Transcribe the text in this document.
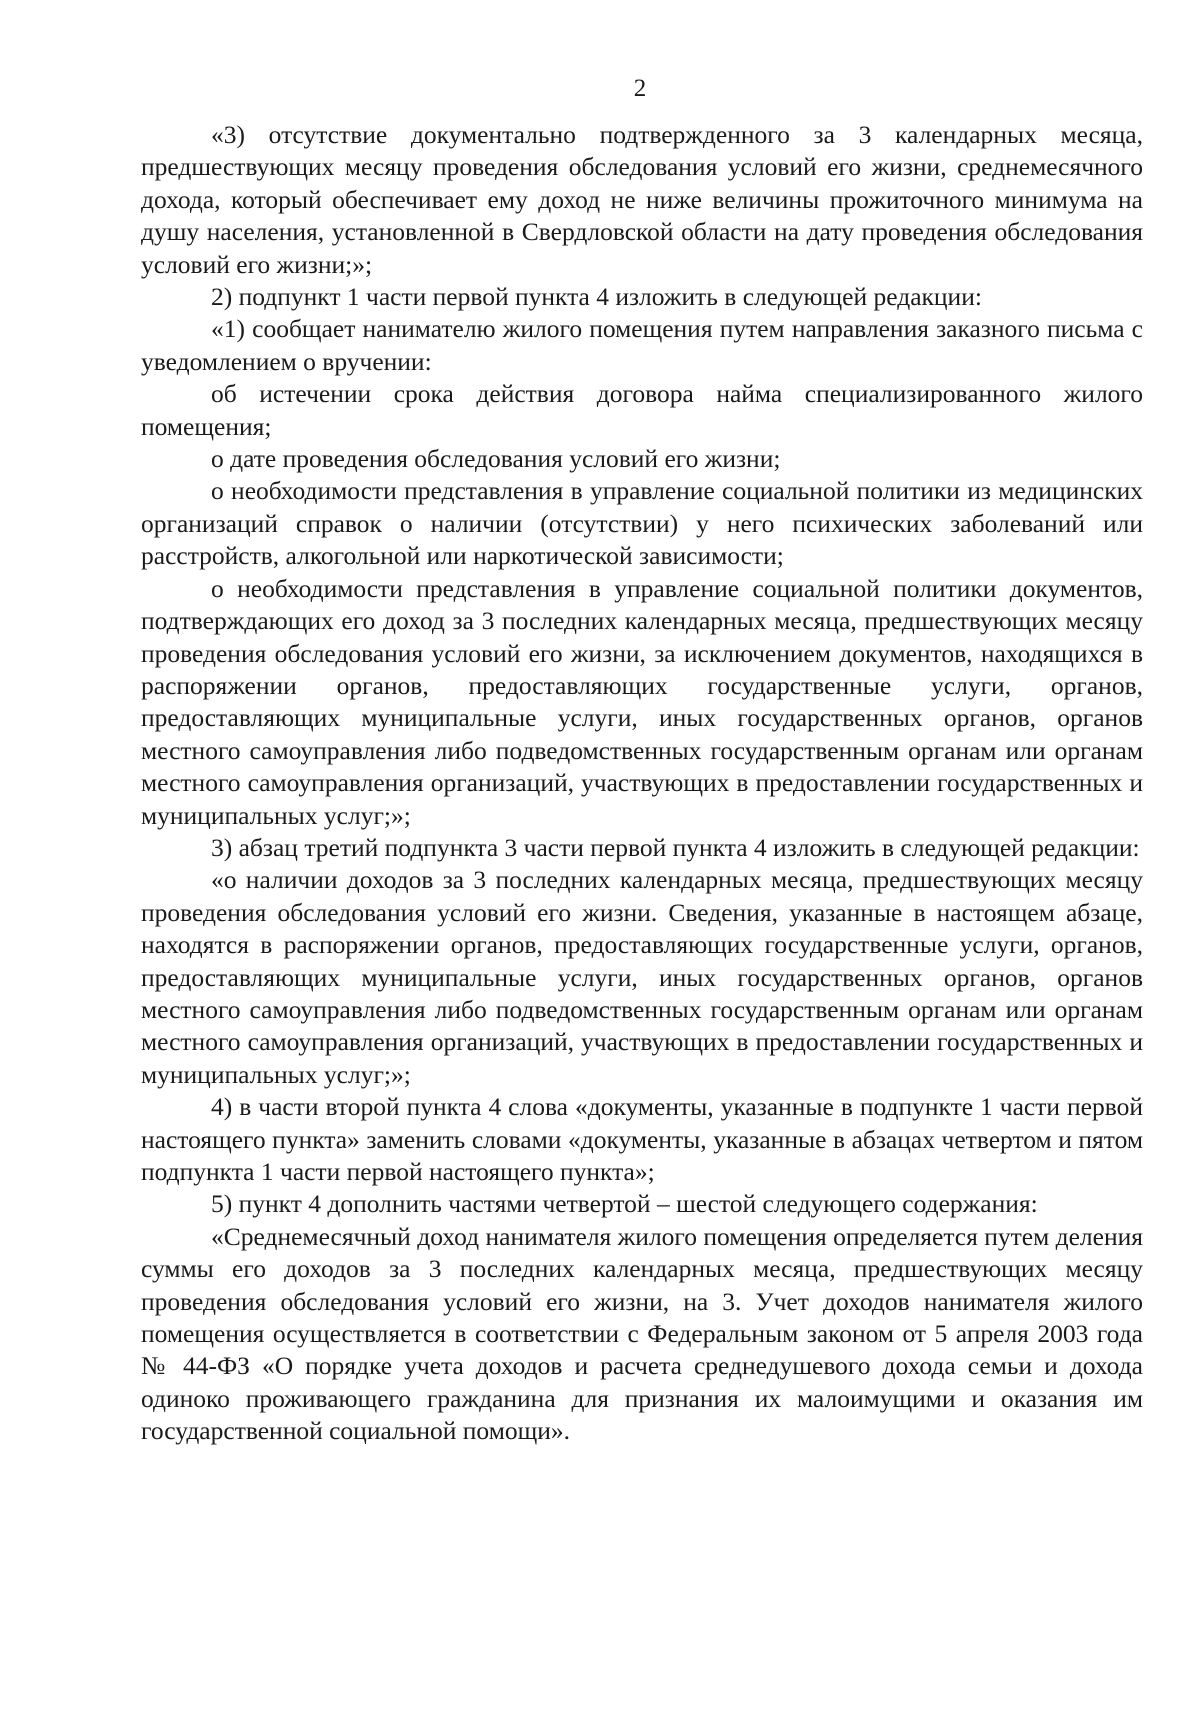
2

«3) отсутствие документально подтвержденного за 3 календарных месяца, предшествующих месяцу проведения обследования условий его жизни, среднемесячного дохода, который обеспечивает ему доход не ниже величины прожиточного минимума на душу населения, установленной в Свердловской области на дату проведения обследования условий его жизни;»;

2) подпункт 1 части первой пункта 4 изложить в следующей редакции:

«1) сообщает нанимателю жилого помещения путем направления заказного письма с уведомлением о вручении:

об истечении срока действия договора найма специализированного жилого помещения;

о дате проведения обследования условий его жизни;

о необходимости представления в управление социальной политики из медицинских организаций справок о наличии (отсутствии) у него психических заболеваний или расстройств, алкогольной или наркотической зависимости;

о необходимости представления в управление социальной политики документов, подтверждающих его доход за 3 последних календарных месяца, предшествующих месяцу проведения обследования условий его жизни, за исключением документов, находящихся в распоряжении органов, предоставляющих государственные услуги, органов, предоставляющих муниципальные услуги, иных государственных органов, органов местного самоуправления либо подведомственных государственным органам или органам местного самоуправления организаций, участвующих в предоставлении государственных и муниципальных услуг;»;

3) абзац третий подпункта 3 части первой пункта 4 изложить в следующей редакции:

«о наличии доходов за 3 последних календарных месяца, предшествующих месяцу проведения обследования условий его жизни. Сведения, указанные в настоящем абзаце, находятся в распоряжении органов, предоставляющих государственные услуги, органов, предоставляющих муниципальные услуги, иных государственных органов, органов местного самоуправления либо подведомственных государственным органам или органам местного самоуправления организаций, участвующих в предоставлении государственных и муниципальных услуг;»;

4) в части второй пункта 4 слова «документы, указанные в подпункте 1 части первой настоящего пункта» заменить словами «документы, указанные в абзацах четвертом и пятом подпункта 1 части первой настоящего пункта»;

5) пункт 4 дополнить частями четвертой – шестой следующего содержания:

«Среднемесячный доход нанимателя жилого помещения определяется путем деления суммы его доходов за 3 последних календарных месяца, предшествующих месяцу проведения обследования условий его жизни, на 3. Учет доходов нанимателя жилого помещения осуществляется в соответствии с Федеральным законом от 5 апреля 2003 года № 44-ФЗ «О порядке учета доходов и расчета среднедушевого дохода семьи и дохода одиноко проживающего гражданина для признания их малоимущими и оказания им государственной социальной помощи».
